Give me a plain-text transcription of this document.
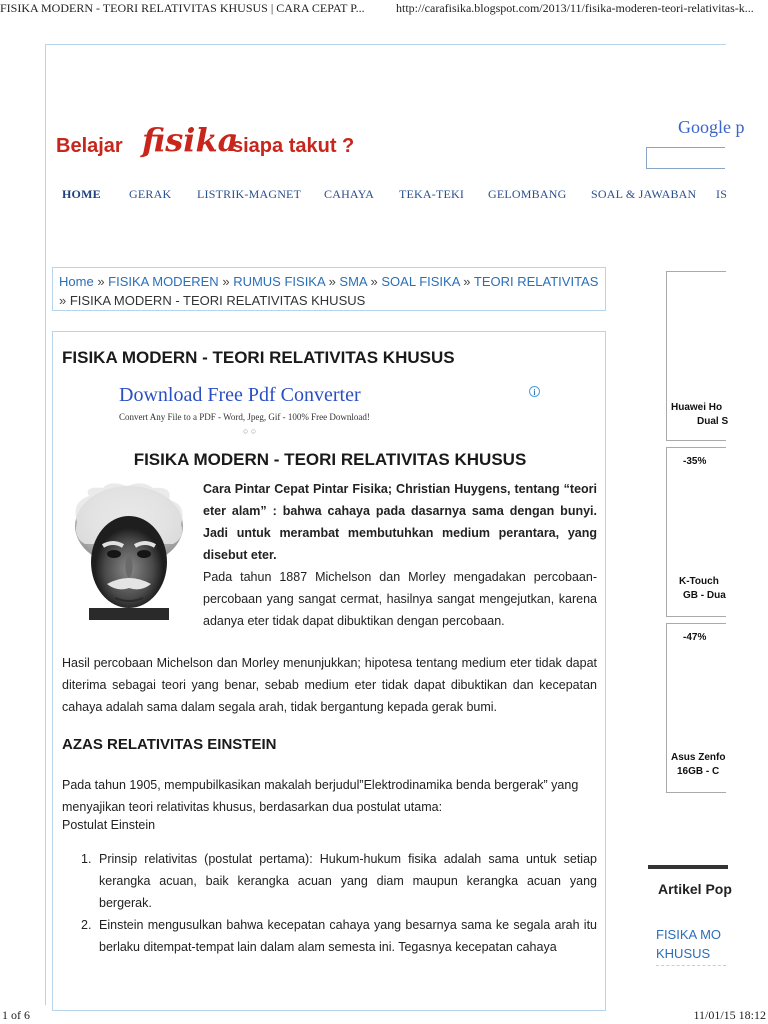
FISIKA MODERN - TEORI RELATIVITAS KHUSUS | CARA CEPAT P...	http://carafisika.blogspot.com/2013/11/fisika-moderen-teori-relativitas-k...
Belajar fisika
siapa takut ?
Google p
HOME GERAK LISTRIK-MAGNET CAHAYA TEKA-TEKI GELOMBANG SOAL & JAWABAN IS
Home » FISIKA MODEREN » RUMUS FISIKA » SMA » SOAL FISIKA » TEORI RELATIVITAS
» FISIKA MODERN - TEORI RELATIVITAS KHUSUS
FISIKA MODERN - TEORI RELATIVITAS KHUSUS
Download Free Pdf Converter
Convert Any File to a PDF - Word, Jpeg, Gif - 100% Free Download!
○ ○
i
FISIKA MODERN - TEORI RELATIVITAS KHUSUS
Cara Pintar Cepat Pintar Fisika; Christian Huygens, tentang “teori eter alam” : bahwa cahaya pada dasarnya sama dengan bunyi. Jadi untuk merambat membutuhkan medium perantara, yang disebut eter.
Pada tahun 1887 Michelson dan Morley mengadakan percobaan-percobaan yang sangat cermat, hasilnya sangat mengejutkan, karena adanya eter tidak dapat dibuktikan dengan percobaan.
Hasil percobaan Michelson dan Morley menunjukkan; hipotesa tentang medium eter tidak dapat diterima sebagai teori yang benar, sebab medium eter tidak dapat dibuktikan dan kecepatan cahaya adalah sama dalam segala arah, tidak bergantung kepada gerak bumi.
AZAS RELATIVITAS EINSTEIN
Pada tahun 1905, mempubilkasikan makalah berjudul”Elektrodinamika benda bergerak” yang menyajikan teori relativitas khusus, berdasarkan dua postulat utama:
Postulat Einstein
1. Prinsip relativitas (postulat pertama): Hukum-hukum fisika adalah sama untuk setiap kerangka acuan, baik kerangka acuan yang diam maupun kerangka acuan yang bergerak.
2. Einstein mengusulkan bahwa kecepatan cahaya yang besarnya sama ke segala arah itu berlaku ditempat-tempat lain dalam alam semesta ini. Tegasnya kecepatan cahaya
Huawei Ho
Dual S
-35%
K-Touch
GB - Dua
-47%
Asus Zenfo
16GB - C
Artikel Pop
FISIKA MO
KHUSUS
1 of 6	11/01/15 18:12
